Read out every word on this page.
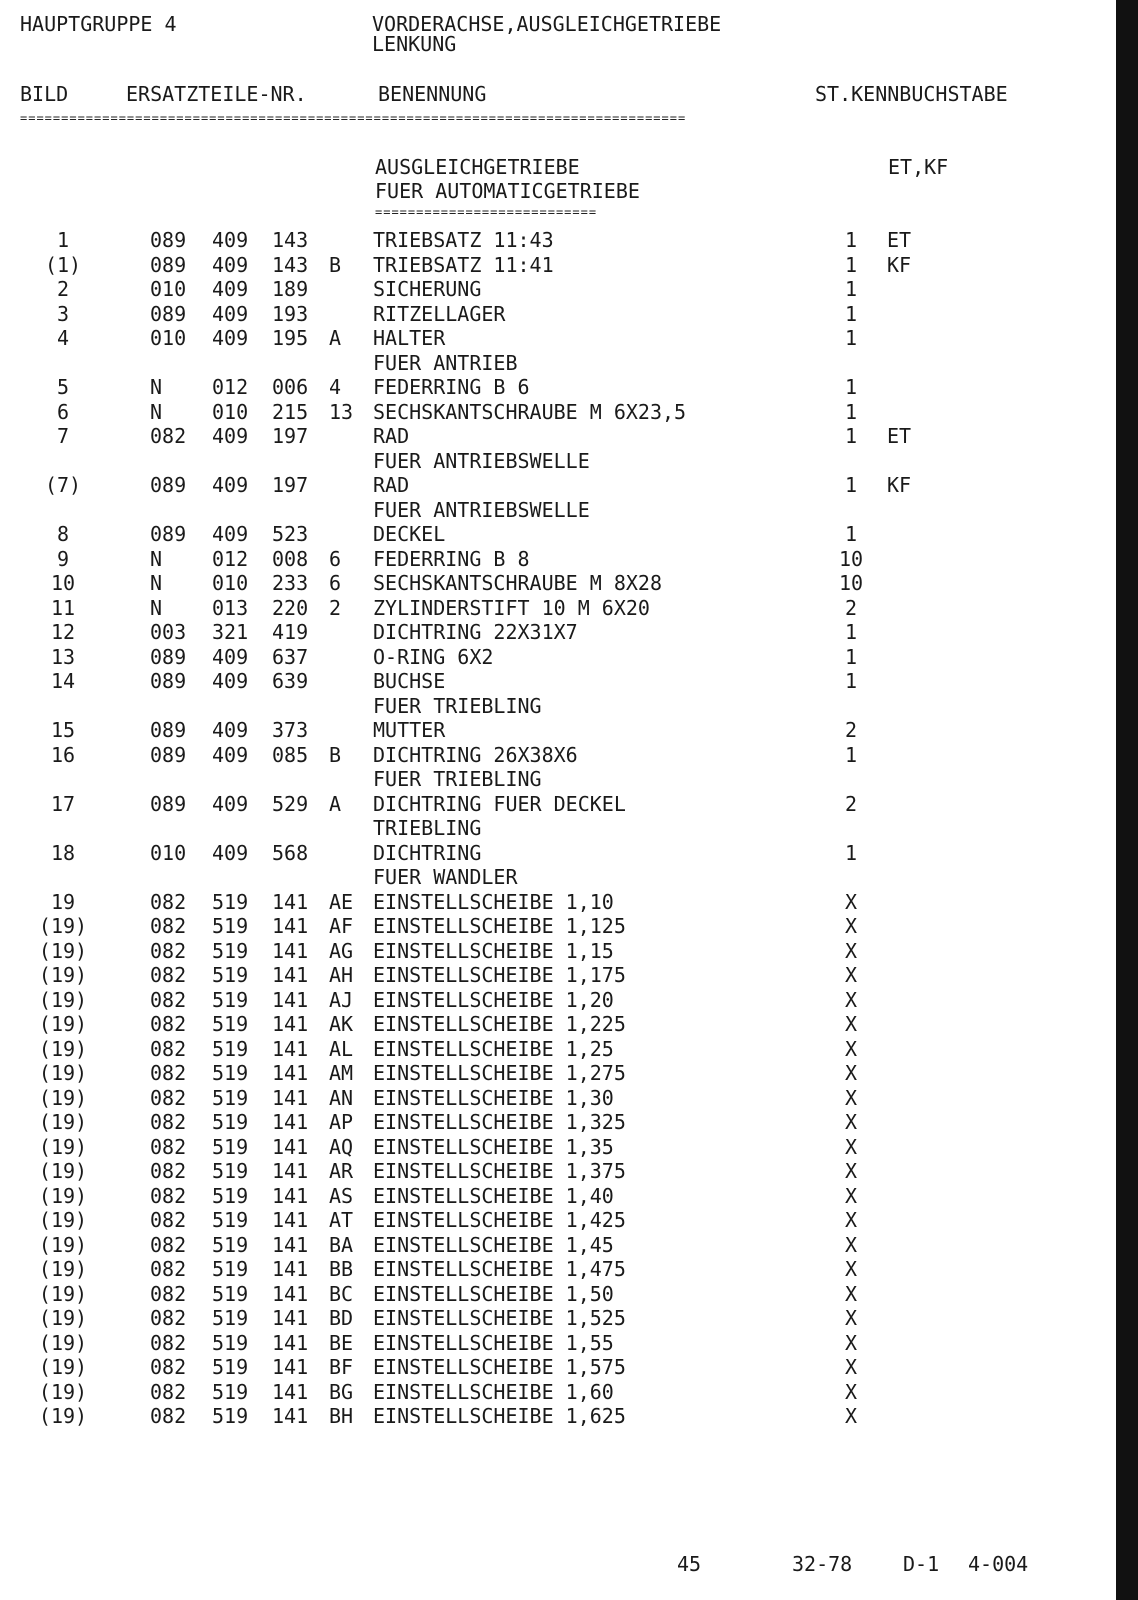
HAUPTGRUPPE 4	VORDERACHSE,AUSGLEICHGETRIEBE
LENKUNG
BILD	ERSATZTEILE-NR.	BENENNUNG	ST.KENNBUCHSTABE
=================================================================================
AUSGLEICHGETRIEBE
FUER AUTOMATICGETRIEBE
ET,KF
===========================
1	089 409 143	TRIEBSATZ 11:43	1	ET
(1)	089 409 143 B TRIEBSATZ 11:41	1	KF
2	010 409 189	SICHERUNG	1
3	089 409 193	RITZELLAGER	1
4	010 409 195 A HALTER	1
FUER ANTRIEB
5	N 012 006 4 FEDERRING B 6	1
6	N 010 215 13 SECHSKANTSCHRAUBE M 6X23,5	1
7	082 409 197	RAD	1	ET
FUER ANTRIEBSWELLE
(7)	089 409 197	RAD	1	KF
FUER ANTRIEBSWELLE
8	089 409 523	DECKEL	1
9	N 012 008 6 FEDERRING B 8	10
10	N 010 233 6 SECHSKANTSCHRAUBE M 8X28	10
11	N 013 220 2 ZYLINDERSTIFT 10 M 6X20	2
12	003 321 419	DICHTRING 22X31X7	1
13	089 409 637	O-RING 6X2	1
14	089 409 639	BUCHSE	1
FUER TRIEBLING
15	089 409 373	MUTTER	2
16	089 409 085 B DICHTRING 26X38X6	1
FUER TRIEBLING
17	089 409 529 A DICHTRING FUER DECKEL	2
TRIEBLING
18	010 409 568	DICHTRING	1
FUER WANDLER
19	082 519 141 AE EINSTELLSCHEIBE 1,10	X
(19)	082 519 141 AF EINSTELLSCHEIBE 1,125	X
(19)	082 519 141 AG EINSTELLSCHEIBE 1,15	X
(19)	082 519 141 AH EINSTELLSCHEIBE 1,175	X
(19)	082 519 141 AJ EINSTELLSCHEIBE 1,20	X
(19)	082 519 141 AK EINSTELLSCHEIBE 1,225	X
(19)	082 519 141 AL EINSTELLSCHEIBE 1,25	X
(19)	082 519 141 AM EINSTELLSCHEIBE 1,275	X
(19)	082 519 141 AN EINSTELLSCHEIBE 1,30	X
(19)	082 519 141 AP EINSTELLSCHEIBE 1,325	X
(19)	082 519 141 AQ EINSTELLSCHEIBE 1,35	X
(19)	082 519 141 AR EINSTELLSCHEIBE 1,375	X
(19)	082 519 141 AS EINSTELLSCHEIBE 1,40	X
(19)	082 519 141 AT EINSTELLSCHEIBE 1,425	X
(19)	082 519 141 BA EINSTELLSCHEIBE 1,45	X
(19)	082 519 141 BB EINSTELLSCHEIBE 1,475	X
(19)	082 519 141 BC EINSTELLSCHEIBE 1,50	X
(19)	082 519 141 BD EINSTELLSCHEIBE 1,525	X
(19)	082 519 141 BE EINSTELLSCHEIBE 1,55	X
(19)	082 519 141 BF EINSTELLSCHEIBE 1,575	X
(19)	082 519 141 BG EINSTELLSCHEIBE 1,60	X
(19)	082 519 141 BH EINSTELLSCHEIBE 1,625	X
45	32-78	D-1 4-004
